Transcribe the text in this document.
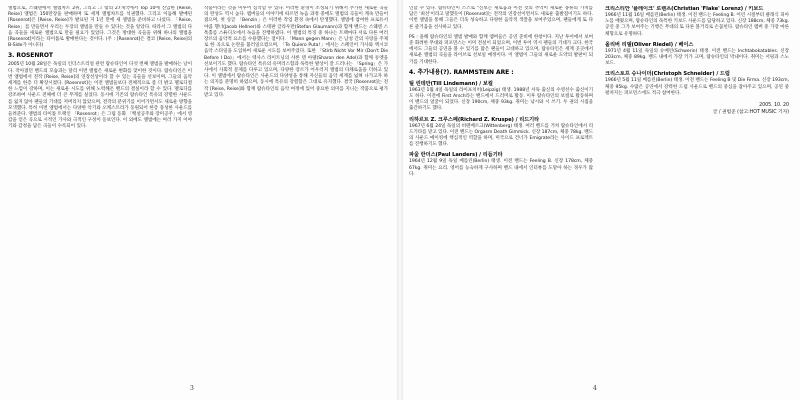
앨범으로, 스웨덴에서 앨범차트 2위, 그리고 그 밖의 27개국에서 Top 10에 진입한 [Reise, Reise] 앨범은 150만장을 판매하며 또 세계 앨범차트를 석권했다. 그리고 이듬해 발매된 [Rosenrot]은 [Reise, Reise]가 발표된 지 1년 만에 새 앨범을 준비하고 나섰다. 「Reise, Reise」를 만들면서 우리는 두장의 앨범을 만들 수 있다는 것을 알았다. 따라서 그 앨범의 다음 곡들을 새로운 앨범으로 만들 필요가 있었다. 그것은 방대한 곡들을 위해 하나의 앨범을 [Rosenrot]이라는 타이틀로 발매한다는 것이다. (주 : [Rosenrot]은 결코 [Reise, Reise]의 B-Side가 아니다)

3. ROSENROT

2005년 10월 28일은 독일의 인더스트리얼 관련 람슈타인이 다섯 번째 앨범을 발매하는 날이다. 작아졌던 밴드의 모습과는 달리 이번 앨범은 새로운 변화를 맞이한 것이다. 람슈타인은 이번 앨범에서 전작 [Reise, Reise]의 연장선상이라 할 수 있는 곡들을 선보이며, 그들의 음악 세계를 한층 더 확장시켰다. [Rosenrot]는 이전 앨범들보다 전체적으로 좀 더 밝고 멜로디컬한 느낌이 강하며, 이는 새로운 시도를 위해 노력해온 밴드의 결실이라 할 수 있다. 멜로디를 강조하여 사운드 전체에 더 큰 무게를 실었다. 동시에 기존의 람슈타인 특유의 강렬한 사운드를 잃지 않아 팬들의 기대를 저버리지 않았으며, 전작의 분위기를 이어가면서도 새로운 방향을 모색했다. 특히 이번 앨범에서는 다양한 악기와 오케스트라가 동원되어 한층 풍성한 사운드를 들려준다. 앨범의 타이틀 트랙인 「Rosenrot」은 그림 동화 「백설공주와 장미공주」에서 영감을 얻은 곡으로 시적인 가사와 극적인 구성이 돋보인다. 이 외에도 앨범에는 여러 가지 이야기와 감정을 담은 곡들이 수록되어 있다.

작품이라는 것을 미루어 짐작할 수 있다. 이러한 환경이 조성되기 위해서 추가된 새로운 곡들의 완성도 역시 높다. 멤버들의 이야기에 따르면 녹음 과정 중에도 앨범의 곡들이 계속 만들어졌으며, 첫 싱글 「Benzin」은 이러한 작업 환경 속에서 탄생했다. 앨범에 참여한 프로듀서 야콥 헬너(Jacob Hellner)와 스테판 글라우만(Stefan Glaumann)과 함께 밴드는 스웨덴 스톡홀름 스튜디오에서 녹음을 진행하였다. 이 앨범의 특징 중 하나는 트랙마다 서로 다른 여러 장르의 음악적 요소를 수용했다는 점이다. 「Mann gegen Mann」은 남성 간의 사랑을 주제로 한 곡으로 논란을 불러일으켰으며, 「Te Quiero Puta!」에서는 스페인어 가사와 멕시코 음악 스타일을 도입하여 새로운 시도를 보여주었다. 또한 「Stirb Nicht Vor Mir (Don't Die Before I Do)」에서는 텍사스 라이트닝의 샤론 덴 아델(Sharon den Adel)과 함께 듀엣을 선보이기도 했다. 람슈타인 특유의 유머러스함과 독특한 발상이 잘 드러나는 「Spring」은 가사에서 사회적 문제를 다루고 있으며, 다양한 장르가 어우러져 앨범의 다채로움을 더하고 있다. 이 앨범에서 람슈타인은 사운드의 다양성을 통해 자신들의 음악 세계를 넓혀 나가고자 하는 의지를 분명히 하였으며, 동시에 특유의 강렬함은 그대로 유지했다. 결국 [Rosenrot]는 전작 [Reise, Reise]와 함께 람슈타인의 음악 여정에 있어 중요한 의미를 지니는 작품으로 평가받고 있다.

3

인할 수 있다. 람슈타인이 스스로 "신보는 새로움과 이전 것의 추억이 새로운 종류의 가치를 담은 '최선'이라고 말했듯이 [Rosenrot]는 전작의 연장선이면서도 새로운 출발점이기도 하다. 이번 앨범을 통해 그들은 더욱 성숙하고 다양한 음악적 색깔을 보여주었으며, 팬들에게 또 다른 즐거움을 선사하고 있다.

PS : 올해 람슈타인의 앨범 발매와 함께 멤버들은 공연 준비에 한창이다. 지난 투어에서 보여준 화려한 무대와 퍼포먼스는 이미 전설이 되었으며, 이번 투어 역시 팬들의 기대가 크다. 한국에서도 그들의 공연을 볼 수 있기를 많은 팬들이 고대하고 있으며, 람슈타인은 세계 곳곳에서 새로운 앨범의 곡들을 라이브로 선보일 예정이다. 이 앨범이 그들의 새로운 도약의 발판이 되기를 기대한다.

4. 추가내용(?). RAMMSTEIN ARE :
틸 린데만(Till Lindemann) / 보컬

1963년 1월 4일 독일의 라이프치히(Leipzig) 태생. 1988년 서독 출신의 수영선수 출신이기도 하다. 이전에 First Arsch라는 밴드에서 드러머로 활동. 이후 람슈타인의 보컬로 활동하며 이 밴드의 얼굴이 되었다. 신장 190cm, 체중 93kg. 취미는 낚시와 시 쓰기. 두 권의 시집을 출간하기도 했다.

리하르트 Z. 크루스페(Richard Z. Kruspe) / 리드기타

1967년 6월 24일 독일의 비텐베르크(Wittenberg) 태생. 여러 밴드를 거쳐 람슈타인에서 리드기타를 맡고 있다. 이전 밴드는 Orgasm Death Gimmick. 신장 187cm, 체중 78kg. 밴드의 사운드 메이킹에 핵심적인 역할을 하며, 미국으로 건너가 Emigrate라는 사이드 프로젝트를 진행하기도 했다.

파울 란더스(Paul Landers) / 리듬기타

1964년 12월 9일 독일 베를린(Berlin) 태생. 이전 밴드는 Feeling B. 신장 178cm, 체중 67kg. 취미는 요리. 영어를 능숙하게 구사하며 밴드 내에서 인터뷰를 도맡아 하는 경우가 많다.

크리스티안 '플레이크' 로렌츠(Christian 'Flake' Lorenz) / 키보드

1966년 11월 16일 베를린(Berlin) 태생. 이전 밴드는 Feeling B. 어린 시절부터 클래식 피아노를 배웠으며, 람슈타인의 독특한 키보드 사운드를 담당하고 있다. 신장 188cm, 체중 73kg. 공연 중 그가 보여주는 기행은 무대의 또 다른 볼거리로 손꼽힌다. 람슈타인 멤버 중 가장 마른 체형으로 유명하다.

올리버 리델(Oliver Riedel) / 베이스

1971년 4월 11일 독일의 슈베린(Schwerin) 태생. 이전 밴드는 Inchtabokatables. 신장 203cm, 체중 89kg. 밴드 내에서 가장 키가 크며, 람슈타인의 막내이다. 취미는 서핑과 스노보드.

크리스토프 슈나이더(Christoph Schneider) / 드럼

1966년 5월 11일 베를린(Berlin) 태생. 이전 밴드는 Feeling B 및 Die Firma. 신장 193cm, 체중 95kg. 수많은 공연에서 강력한 드럼 사운드로 밴드의 중심을 잡아주고 있으며, 공연 중 펼쳐지는 퍼포먼스에도 적극 참여한다.

2005. 10. 20
글 / 권범준 (참고:HOT MUSIC 기자)
4
